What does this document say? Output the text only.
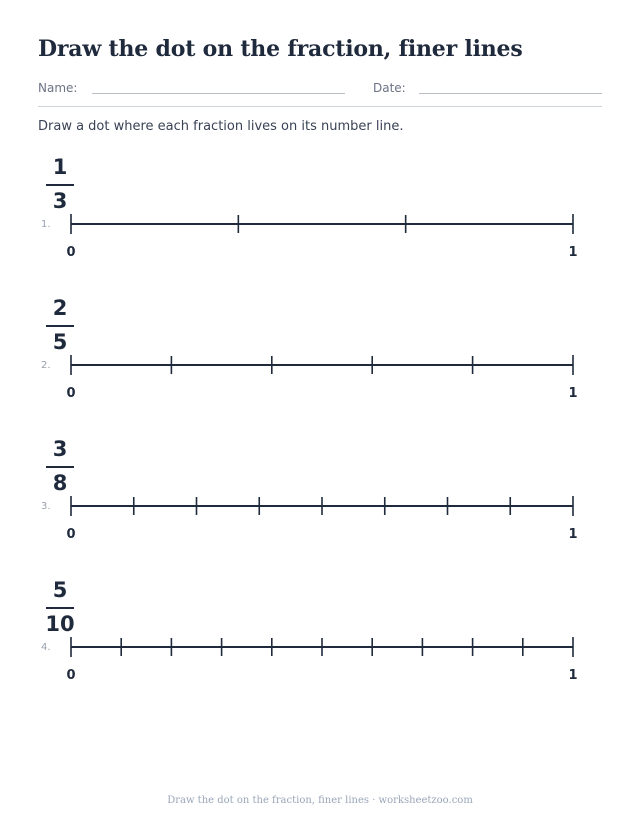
Draw the dot on the fraction, finer lines
Name:	Date:
Draw a dot where each fraction lives on its number line.
1
3
1.
0	1
2
5
2.
0	1
3
8
3.
0	1
5
10
4.
0	1
Draw the dot on the fraction, finer lines · worksheetzoo.com
